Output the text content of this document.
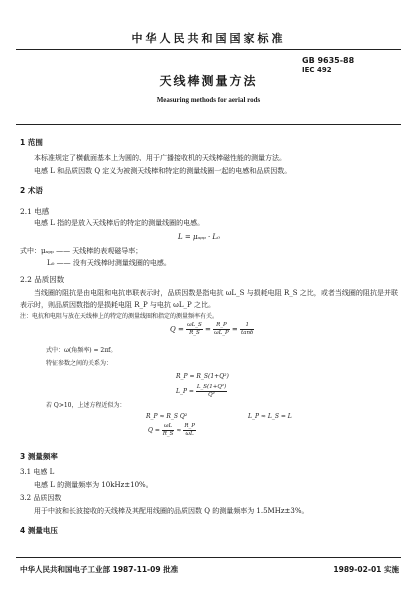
中华人民共和国国家标准
GB 9635-88
IEC 492
天线棒测量方法
Measuring methods for aerial rods
1 范围
本标准规定了横截面基本上为圆的、用于广播接收机的天线棒磁性能的测量方法。
电感 L 和品质因数 Q 定义为被测天线棒和特定的测量线圈一起的电感和品质因数。
2 术语
2.1 电感
电感 L 指的是放入天线棒后的特定的测量线圈的电感。
L = μₐₚₚ · L₀
式中：μₐₚₚ —— 天线棒的表观磁导率；
L₀ —— 没有天线棒时测量线圈的电感。
2.2 品质因数
当线圈的阻抗是由电阻和电抗串联表示时，品质因数是指电抗 ωL_S 与损耗电阻 R_S 之比，或者当线圈的阻抗是并联表示时，则品质因数指的是损耗电阻 R_P 与电抗 ωL_P 之比。
注：电抗和电阻与放在天线棒上的特定的测量线圈和指定的测量频率有关。
$Q = \frac{\omega L\_S}{R\_S} = \frac{R\_P}{\omega L\_P} = \frac{1}{\tan\delta}$
式中：ω(角频率) = 2πf。
特征参数之间的关系为：
R_P = R_S(1+Q²)
L_P = $\frac{\text{L\_S(1+Q²)}}{\text{Q²}}$
若 Q>10，上述方程近似为：
R_P ≈ R_S Q²	L_P ≈ L_S = L
$Q = \frac{\omega L}{R\_S} \approx \frac{R\_P}{\omega L}$
3 测量频率
3.1 电感 L
电感 L 的测量频率为 10kHz±10%。
3.2 品质因数
用于中波和长波接收的天线棒及其配用线圈的品质因数 Q 的测量频率为 1.5MHz±3%。
4 测量电压
中华人民共和国电子工业部 1987-11-09 批准	1989-02-01 实施
